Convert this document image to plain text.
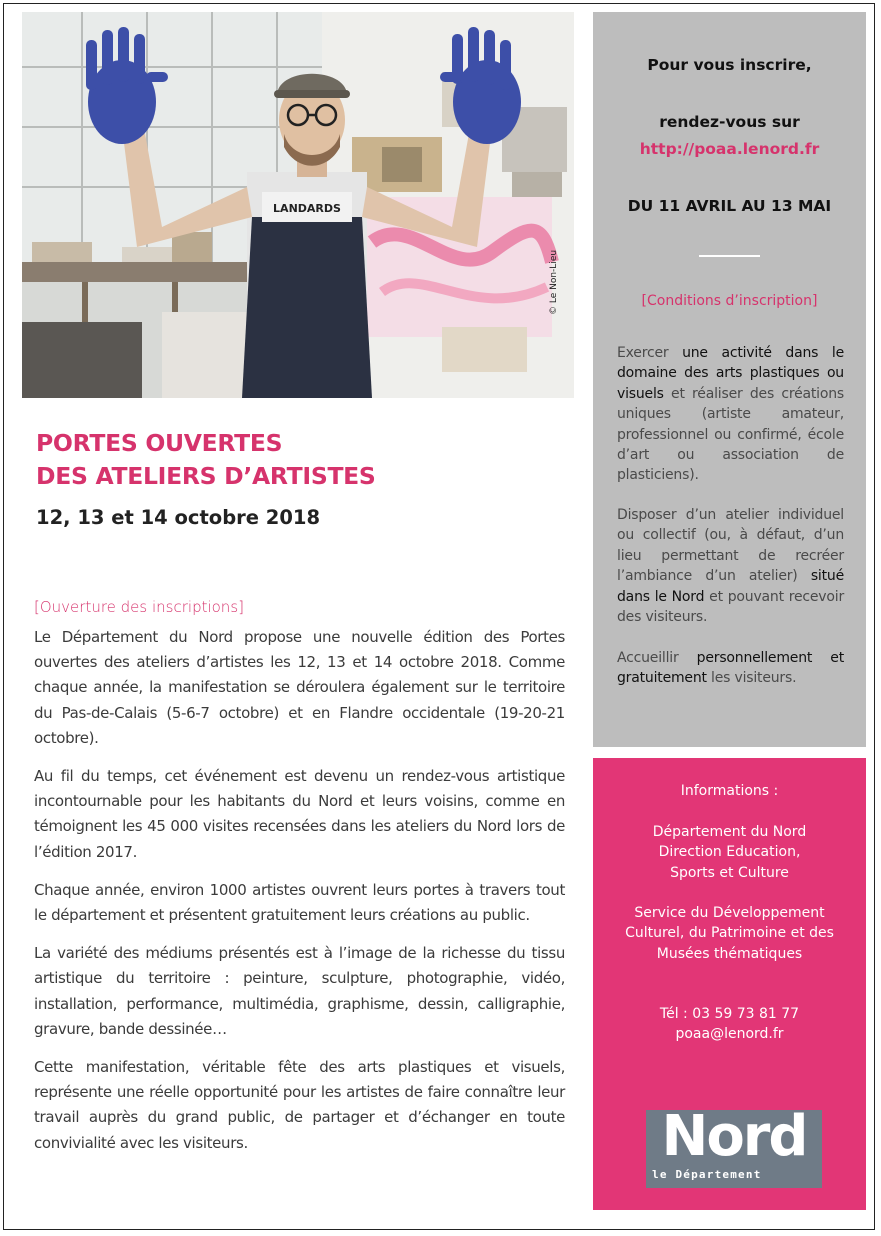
LANDARDS
© Le Non-Lieu
PORTES OUVERTES
DES ATELIERS D’ARTISTES
12, 13 et 14 octobre 2018
[Ouverture des inscriptions]

Le Département du Nord propose une nouvelle édition des Portes ouvertes des ateliers d’artistes les 12, 13 et 14 octobre 2018. Comme chaque année, la manifestation se déroulera également sur le territoire du Pas-de-Calais (5-6-7 octobre) et en Flandre occidentale (19-20-21 octobre).

Au fil du temps, cet événement est devenu un rendez-vous artistique incontournable pour les habitants du Nord et leurs voisins, comme en témoignent les 45 000 visites recensées dans les ateliers du Nord lors de l’édition 2017.

Chaque année, environ 1000 artistes ouvrent leurs portes à travers tout le département et présentent gratuitement leurs créations au public.

La variété des médiums présentés est à l’image de la richesse du tissu artistique du territoire : peinture, sculpture, photographie, vidéo, installation, performance, multimédia, graphisme, dessin, calligraphie, gravure, bande dessinée…

Cette manifestation, véritable fête des arts plastiques et visuels, représente une réelle opportunité pour les artistes de faire connaître leur travail auprès du grand public, de partager et d’échanger en toute convivialité avec les visiteurs.

Pour vous inscrire,
rendez-vous sur
http://poaa.lenord.fr
DU 11 AVRIL AU 13 MAI
[Conditions d’inscription]
Exercer une activité dans le domaine des arts plastiques ou visuels et réaliser des créations uniques (artiste amateur, professionnel ou confirmé, école d’art ou association de plasticiens).
Disposer d’un atelier individuel ou collectif (ou, à défaut, d’un lieu permettant de recréer l’ambiance d’un atelier) situé dans le Nord et pouvant recevoir des visiteurs.
Accueillir personnellement et gratuitement les visiteurs.
Informations :
Département du Nord
Direction Education,
Sports et Culture
Service du Développement
Culturel, du Patrimoine et des
Musées thématiques
Tél : 03 59 73 81 77
poaa@lenord.fr
Nord
le Département
